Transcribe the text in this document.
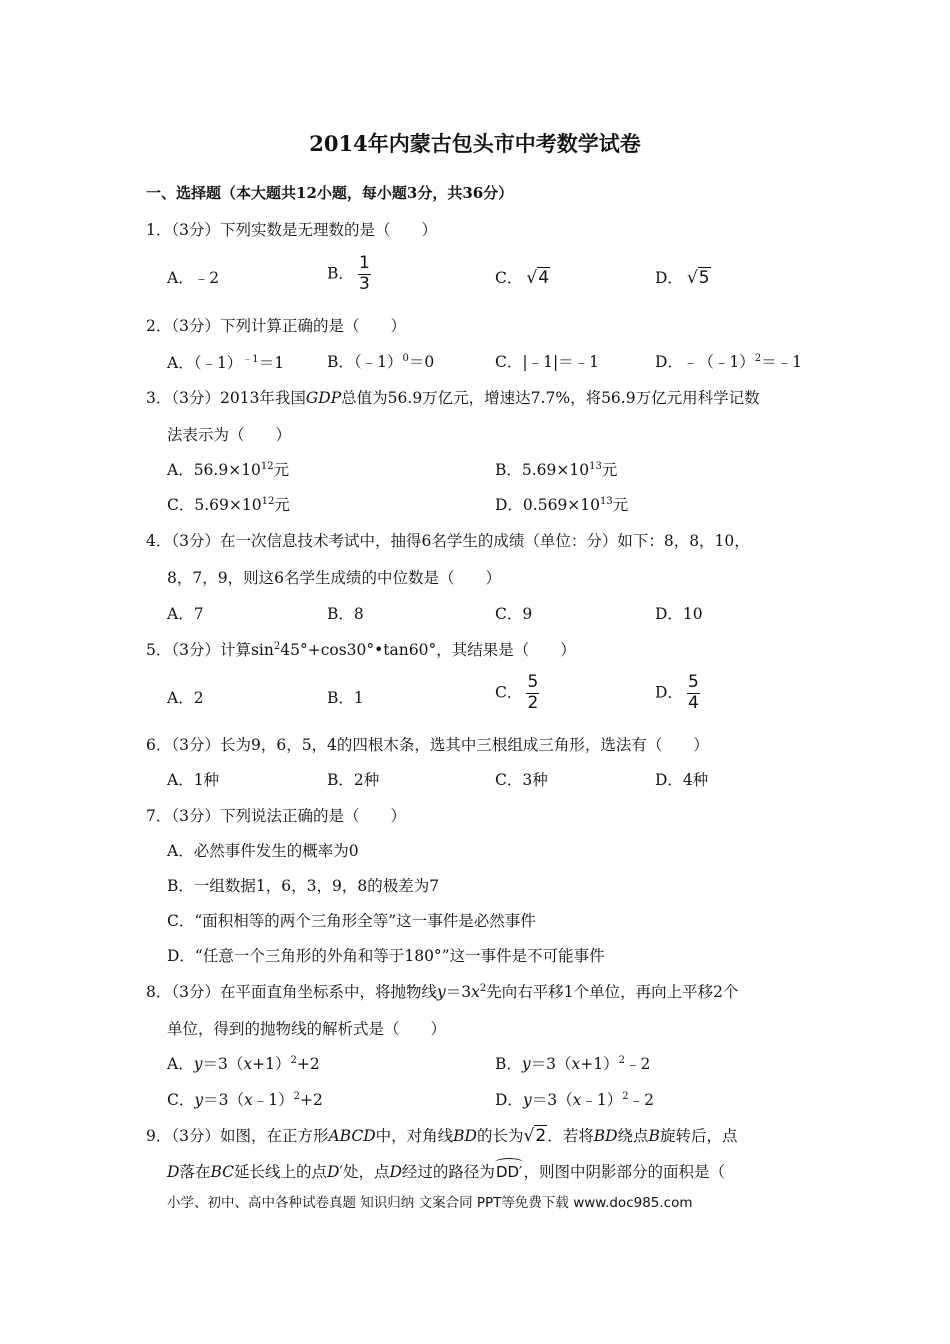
2014年内蒙古包头市中考数学试卷
一、选择题（本大题共12小题，每小题3分，共36分）
1．（3分）下列实数是无理数的是（　　）
A．﹣2	B． $\frac{1}{3}$	C． √4	D． √5
2．（3分）下列计算正确的是（　　）
A．（﹣1）$^{﹣1}$＝1	B．（﹣1）$^0$＝0	C．|﹣1|＝﹣1	D．﹣（﹣1）$^2$＝﹣1
3．（3分）2013年我国GDP总值为56.9万亿元，增速达7.7%，将56.9万亿元用科学记数
法表示为（　　）
A．$56.9\times 10^{12}$元	B．$5.69\times 10^{13}$元
C．$5.69\times 10^{12}$元	D．$0.569\times 10^{13}$元
4．（3分）在一次信息技术考试中，抽得6名学生的成绩（单位：分）如下：8，8，10，
8，7，9，则这6名学生成绩的中位数是（　　）
A．7	B．8	C．9	D．10
5．（3分）计算$\sin^245^\circ+\cos 30^\circ•\tan 60^\circ$，其结果是（　　）
A．2	B．1	C． $\frac{5}{2}$	D． $\frac{5}{4}$
6．（3分）长为9，6，5，4的四根木条，选其中三根组成三角形，选法有（　　）
A．1种	B．2种	C．3种	D．4种
7．（3分）下列说法正确的是（　　）
A．必然事件发生的概率为0
B．一组数据1，6，3，9，8的极差为7
C．“面积相等的两个三角形全等”这一事件是必然事件
D．“任意一个三角形的外角和等于180°”这一事件是不可能事件
8．（3分）在平面直角坐标系中，将抛物线$y=3x^2$先向右平移1个单位，再向上平移2个
单位，得到的抛物线的解析式是（　　）
A．$y=3(x+1)^2+2$	B．$y=3(x+1)^2﹣2$
C．y＝3（x﹣1）$^2$+2	D．y＝3（x﹣1）$^2$﹣2
9．（3分）如图，在正方形ABCD中，对角线BD的长为√2．若将BD绕点B旋转后，点
D落在BC延长线上的点D′处，点D经过的路径为DD′，则图中阴影部分的面积是（
小学、初中、高中各种试卷真题 知识归纳 文案合同 PPT等免费下载 www.doc985.com
